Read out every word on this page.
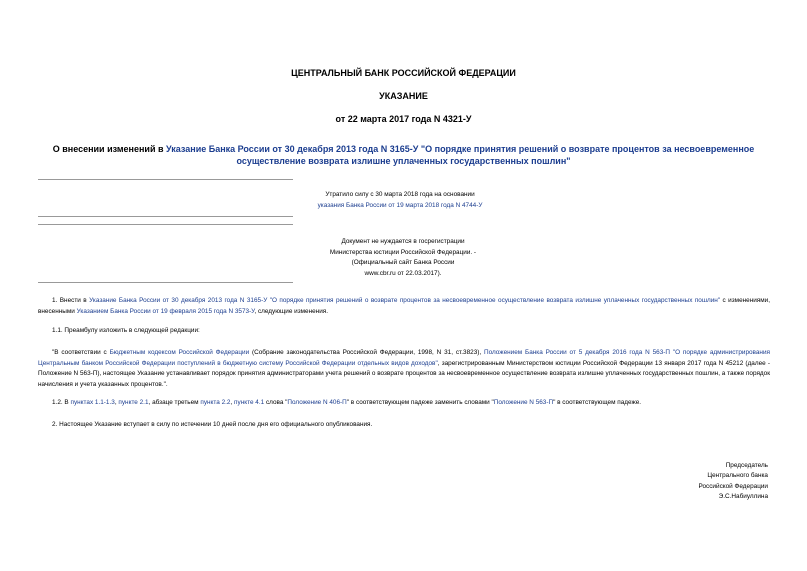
ЦЕНТРАЛЬНЫЙ БАНК РОССИЙСКОЙ ФЕДЕРАЦИИ
УКАЗАНИЕ
от 22 марта 2017 года N 4321-У
О внесении изменений в Указание Банка России от 30 декабря 2013 года N 3165-У "О порядке принятия решений о возврате процентов за несвоевременное осуществление возврата излишне уплаченных государственных пошлин"
Утратило силу с 30 марта 2018 года на основании
указания Банка России от 19 марта 2018 года N 4744-У
Документ не нуждается в госрегистрации
Министерства юстиции Российской Федерации. -
(Официальный сайт Банка России
www.cbr.ru от 22.03.2017).
1. Внести в Указание Банка России от 30 декабря 2013 года N 3165-У "О порядке принятия решений о возврате процентов за несвоевременное осуществление возврата излишне уплаченных государственных пошлин" с изменениями, внесенными Указанием Банка России от 19 февраля 2015 года N 3573-У, следующие изменения.
1.1. Преамбулу изложить в следующей редакции:
"В соответствии с Бюджетным кодексом Российской Федерации (Собрание законодательства Российской Федерации, 1998, N 31, ст.3823), Положением Банка России от 5 декабря 2016 года N 563-П "О порядке администрирования Центральным банком Российской Федерации поступлений в бюджетную систему Российской Федерации отдельных видов доходов", зарегистрированным Министерством юстиции Российской Федерации 13 января 2017 года N 45212 (далее - Положение N 563-П), настоящее Указание устанавливает порядок принятия администраторами учета решений о возврате процентов за несвоевременное осуществление возврата излишне уплаченных государственных пошлин, а также порядок начисления и учета указанных процентов.".
1.2. В пунктах 1.1-1.3, пункте 2.1, абзаце третьем пункта 2.2, пункте 4.1 слова "Положение N 406-П" в соответствующем падеже заменить словами "Положение N 563-П" в соответствующем падеже.
2. Настоящее Указание вступает в силу по истечении 10 дней после дня его официального опубликования.
Председатель
Центрального банка
Российской Федерации
Э.С.Набиуллина
